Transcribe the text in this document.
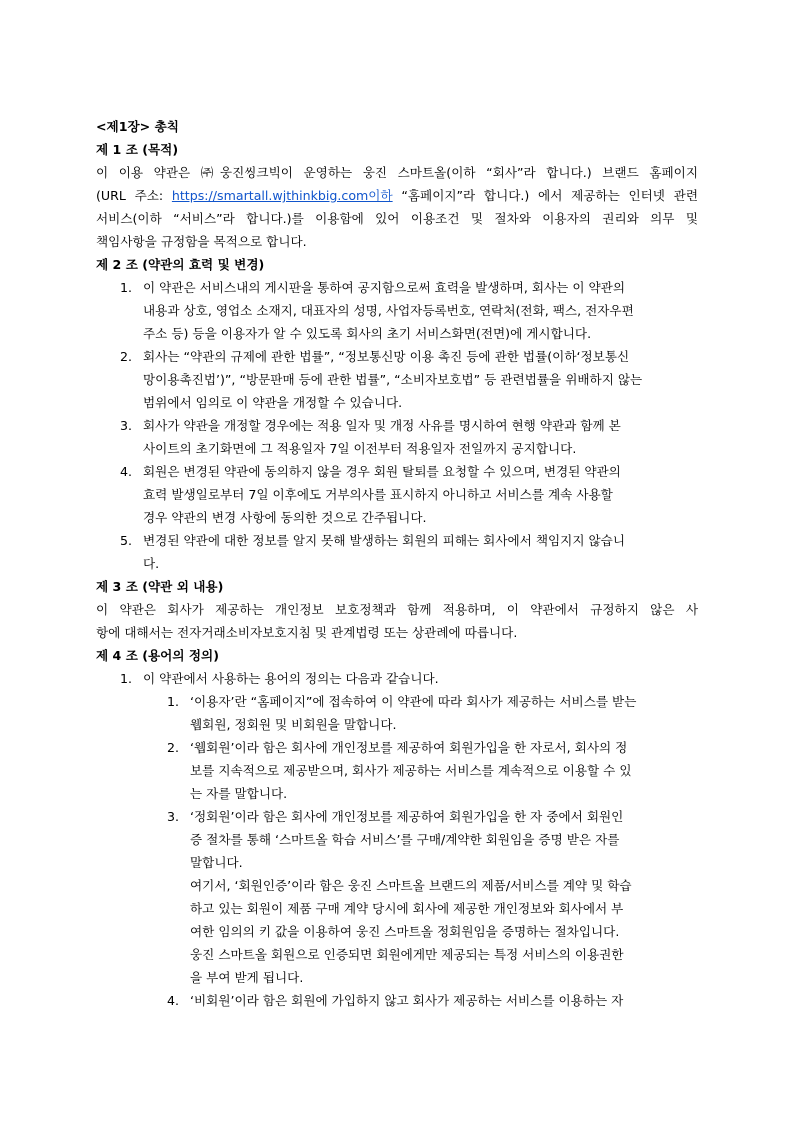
<제1장> 총칙
제 1 조 (목적)
이 이용 약관은 ㈜웅진씽크빅이 운영하는 웅진 스마트올(이하 “회사”라 합니다.) 브랜드 홈페이지
(URL 주소: https://smartall.wjthinkbig.com이하 “홈페이지”라 합니다.) 에서 제공하는 인터넷 관련
서비스(이하 “서비스”라 합니다.)를 이용함에 있어 이용조건 및 절차와 이용자의 권리와 의무 및
책임사항을 규정함을 목적으로 합니다.
제 2 조 (약관의 효력 및 변경)
1. 이 약관은 서비스내의 게시판을 통하여 공지함으로써 효력을 발생하며, 회사는 이 약관의
내용과 상호, 영업소 소재지, 대표자의 성명, 사업자등록번호, 연락처(전화, 팩스, 전자우편
주소 등) 등을 이용자가 알 수 있도록 회사의 초기 서비스화면(전면)에 게시합니다.
2. 회사는 “약관의 규제에 관한 법률”, “정보통신망 이용 촉진 등에 관한 법률(이하‘정보통신
망이용촉진법’)”, “방문판매 등에 관한 법률”, “소비자보호법” 등 관련법률을 위배하지 않는
범위에서 임의로 이 약관을 개정할 수 있습니다.
3. 회사가 약관을 개정할 경우에는 적용 일자 및 개정 사유를 명시하여 현행 약관과 함께 본
사이트의 초기화면에 그 적용일자 7일 이전부터 적용일자 전일까지 공지합니다.
4. 회원은 변경된 약관에 동의하지 않을 경우 회원 탈퇴를 요청할 수 있으며, 변경된 약관의
효력 발생일로부터 7일 이후에도 거부의사를 표시하지 아니하고 서비스를 계속 사용할
경우 약관의 변경 사항에 동의한 것으로 간주됩니다.
5. 변경된 약관에 대한 정보를 알지 못해 발생하는 회원의 피해는 회사에서 책임지지 않습니
다.
제 3 조 (약관 외 내용)
이 약관은 회사가 제공하는 개인정보 보호정책과 함께 적용하며, 이 약관에서 규정하지 않은 사
항에 대해서는 전자거래소비자보호지침 및 관계법령 또는 상관례에 따릅니다.
제 4 조 (용어의 정의)
1. 이 약관에서 사용하는 용어의 정의는 다음과 같습니다.
1. ‘이용자’란 “홈페이지”에 접속하여 이 약관에 따라 회사가 제공하는 서비스를 받는
웹회원, 정회원 및 비회원을 말합니다.
2. ‘웹회원’이라 함은 회사에 개인정보를 제공하여 회원가입을 한 자로서, 회사의 정
보를 지속적으로 제공받으며, 회사가 제공하는 서비스를 계속적으로 이용할 수 있
는 자를 말합니다.
3. ‘정회원’이라 함은 회사에 개인정보를 제공하여 회원가입을 한 자 중에서 회원인
증 절차를 통해 ‘스마트올 학습 서비스’를 구매/계약한 회원임을 증명 받은 자를
말합니다.
여기서, ‘회원인증’이라 함은 웅진 스마트올 브랜드의 제품/서비스를 계약 및 학습
하고 있는 회원이 제품 구매 계약 당시에 회사에 제공한 개인정보와 회사에서 부
여한 임의의 키 값을 이용하여 웅진 스마트올 정회원임을 증명하는 절차입니다.
웅진 스마트올 회원으로 인증되면 회원에게만 제공되는 특정 서비스의 이용권한
을 부여 받게 됩니다.
4. ‘비회원’이라 함은 회원에 가입하지 않고 회사가 제공하는 서비스를 이용하는 자
